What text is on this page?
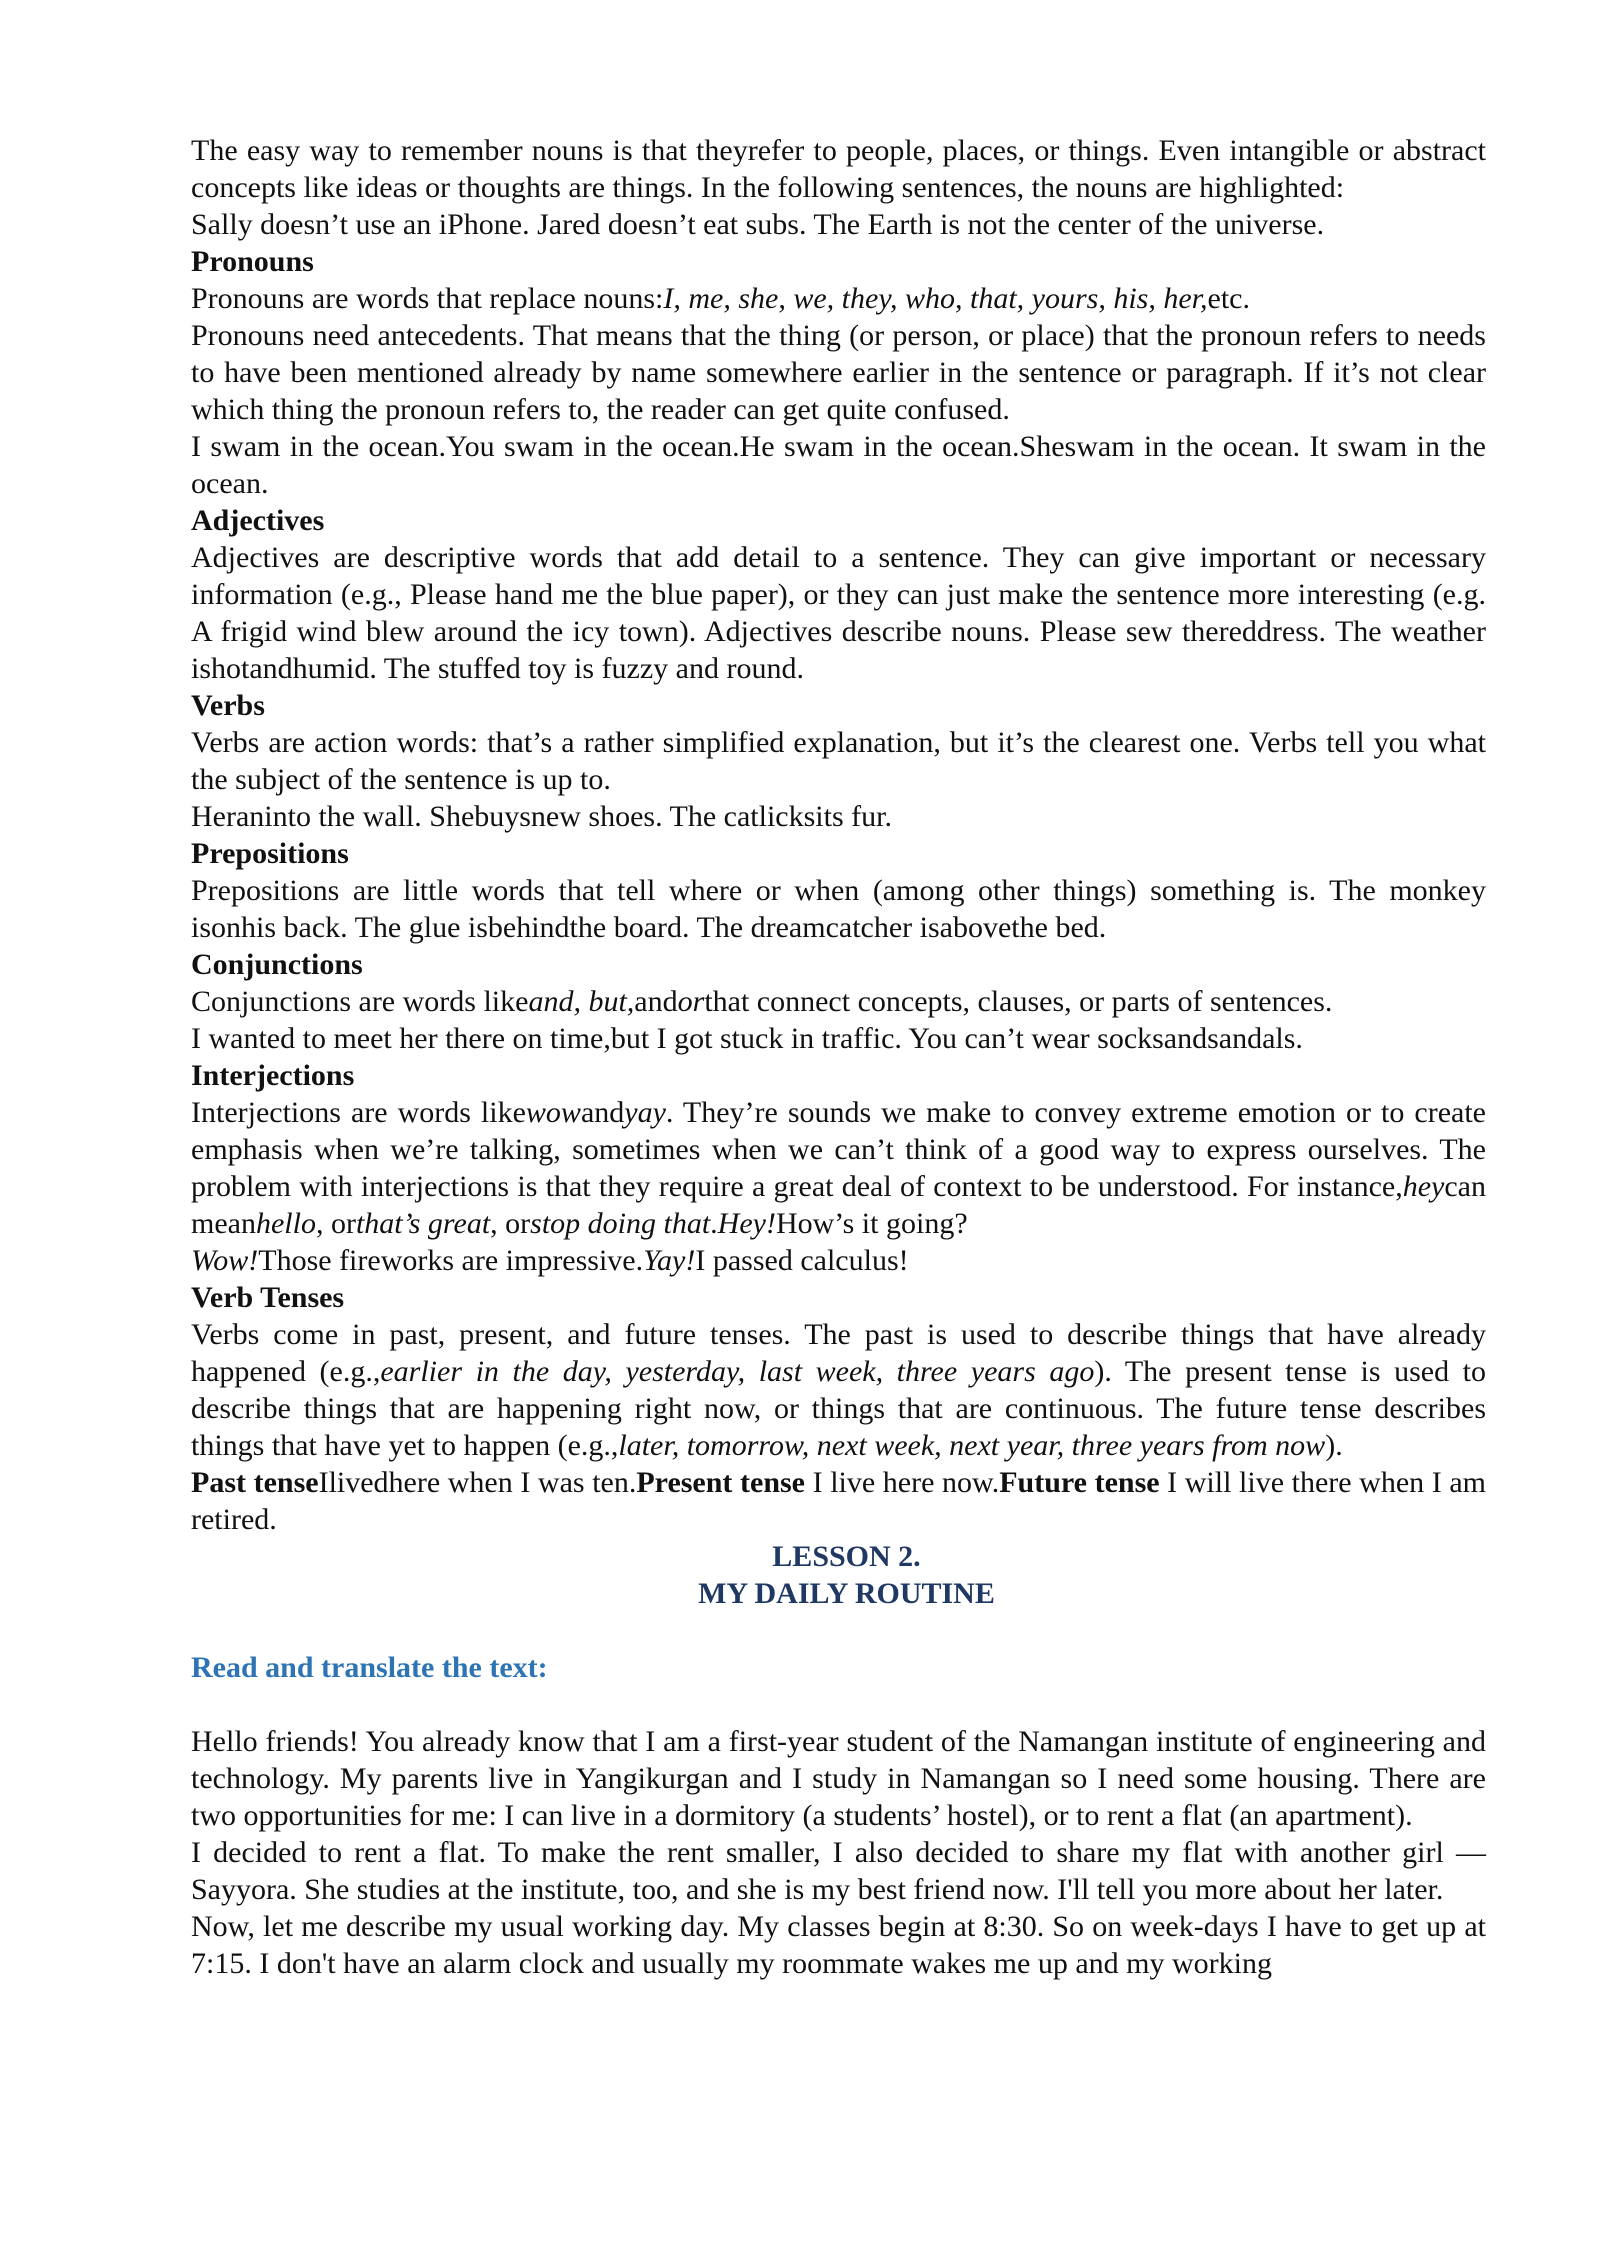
The easy way to remember nouns is that theyrefer to people, places, or things. Even intangible or abstract concepts like ideas or thoughts are things. In the following sentences, the nouns are highlighted:

Sally doesn’t use an iPhone. Jared doesn’t eat subs. The Earth is not the center of the universe.

Pronouns

Pronouns are words that replace nouns:I, me, she, we, they, who, that, yours, his, her,etc.

Pronouns need antecedents. That means that the thing (or person, or place) that the pronoun refers to needs to have been mentioned already by name somewhere earlier in the sentence or paragraph. If it’s not clear which thing the pronoun refers to, the reader can get quite confused.

I swam in the ocean.You swam in the ocean.He swam in the ocean.Sheswam in the ocean. It swam in the ocean.

Adjectives

Adjectives are descriptive words that add detail to a sentence. They can give important or necessary information (e.g., Please hand me the blue paper), or they can just make the sentence more interesting (e.g. A frigid wind blew around the icy town). Adjectives describe nouns. Please sew thereddress. The weather ishotandhumid. The stuffed toy is fuzzy and round.

Verbs

Verbs are action words: that’s a rather simplified explanation, but it’s the clearest one. Verbs tell you what the subject of the sentence is up to.

Heraninto the wall. Shebuysnew shoes. The catlicksits fur.

Prepositions

Prepositions are little words that tell where or when (among other things) something is. The monkey isonhis back. The glue isbehindthe board. The dreamcatcher isabovethe bed.

Conjunctions

Conjunctions are words likeand, but,andorthat connect concepts, clauses, or parts of sentences.

I wanted to meet her there on time,but I got stuck in traffic. You can’t wear socksandsandals.

Interjections

Interjections are words likewowandyay. They’re sounds we make to convey extreme emotion or to create emphasis when we’re talking, sometimes when we can’t think of a good way to express ourselves. The problem with interjections is that they require a great deal of context to be understood. For instance,heycan meanhello, orthat’s great, orstop doing that.Hey!How’s it going?
Wow!Those fireworks are impressive.Yay!I passed calculus!

Verb Tenses

Verbs come in past, present, and future tenses. The past is used to describe things that have already happened (e.g.,earlier in the day, yesterday, last week, three years ago). The present tense is used to describe things that are happening right now, or things that are continuous. The future tense describes things that have yet to happen (e.g.,later, tomorrow, next week, next year, three years from now).

Past tenseIlivedhere when I was ten.Present tense I live here now.Future tense I will live there when I am retired.

LESSON 2.

MY DAILY ROUTINE

Read and translate the text:

Hello friends! You already know that I am a first-year student of the Namangan institute of engineering and technology. My parents live in Yangikurgan and I study in Namangan so I need some housing. There are two opportunities for me: I can live in a dormitory (a students’ hostel), or to rent a flat (an apartment).

I decided to rent a flat. To make the rent smaller, I also decided to share my flat with another girl — Sayyora. She studies at the institute, too, and she is my best friend now. I'll tell you more about her later.

Now, let me describe my usual working day. My classes begin at 8:30. So on week-days I have to get up at 7:15. I don't have an alarm clock and usually my roommate wakes me up and my working
